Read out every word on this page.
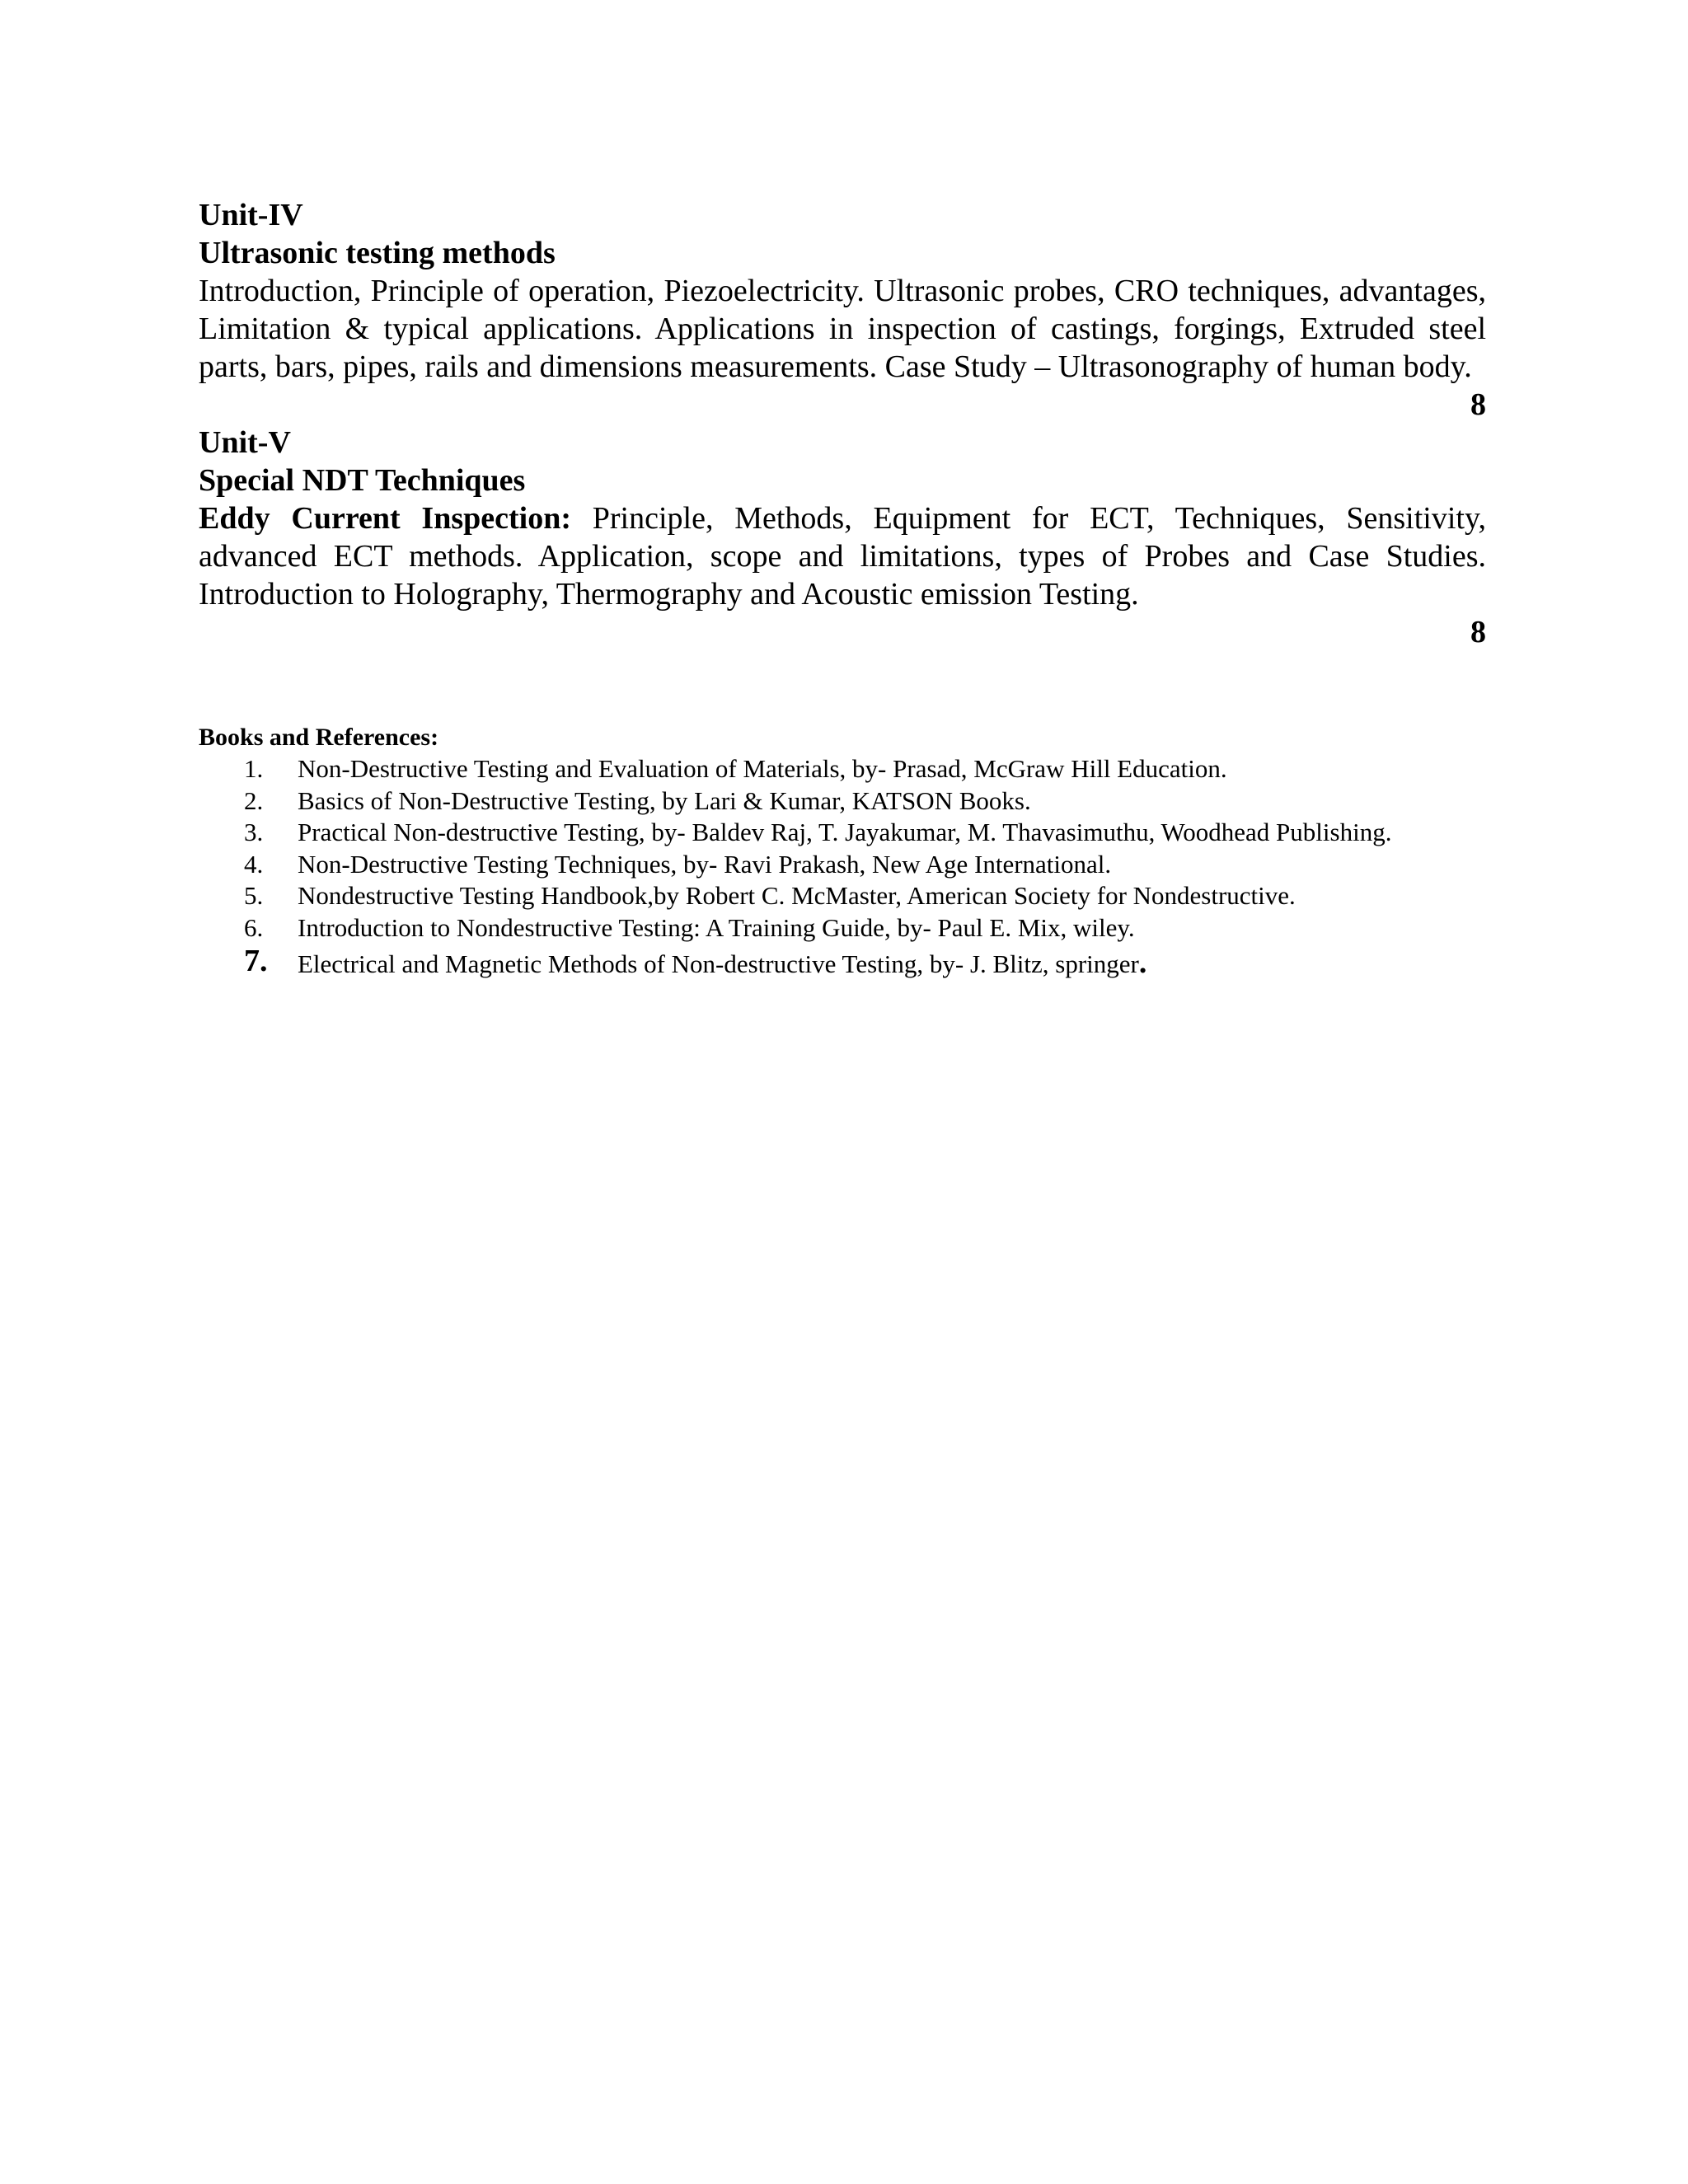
Unit-IV

Ultrasonic testing methods

Introduction, Principle of operation, Piezoelectricity. Ultrasonic probes, CRO techniques, advantages, Limitation & typical applications. Applications in inspection of castings, forgings, Extruded steel parts, bars, pipes, rails and dimensions measurements. Case Study – Ultrasonography of human body.

8

Unit-V

Special NDT Techniques

Eddy Current Inspection: Principle, Methods, Equipment for ECT, Techniques, Sensitivity, advanced ECT methods. Application, scope and limitations, types of Probes and Case Studies. Introduction to Holography, Thermography and Acoustic emission Testing.

8

Books and References:

1.	Non-Destructive Testing and Evaluation of Materials, by- Prasad, McGraw Hill Education.
2.	Basics of Non-Destructive Testing, by Lari & Kumar, KATSON Books.
3.	Practical Non-destructive Testing, by- Baldev Raj, T. Jayakumar, M. Thavasimuthu, Woodhead Publishing.
4.	Non-Destructive Testing Techniques, by- Ravi Prakash, New Age International.
5.	Nondestructive Testing Handbook,by Robert C. McMaster, American Society for Nondestructive.
6.	Introduction to Nondestructive Testing: A Training Guide, by- Paul E. Mix, wiley.
7.	Electrical and Magnetic Methods of Non-destructive Testing, by- J. Blitz, springer.
